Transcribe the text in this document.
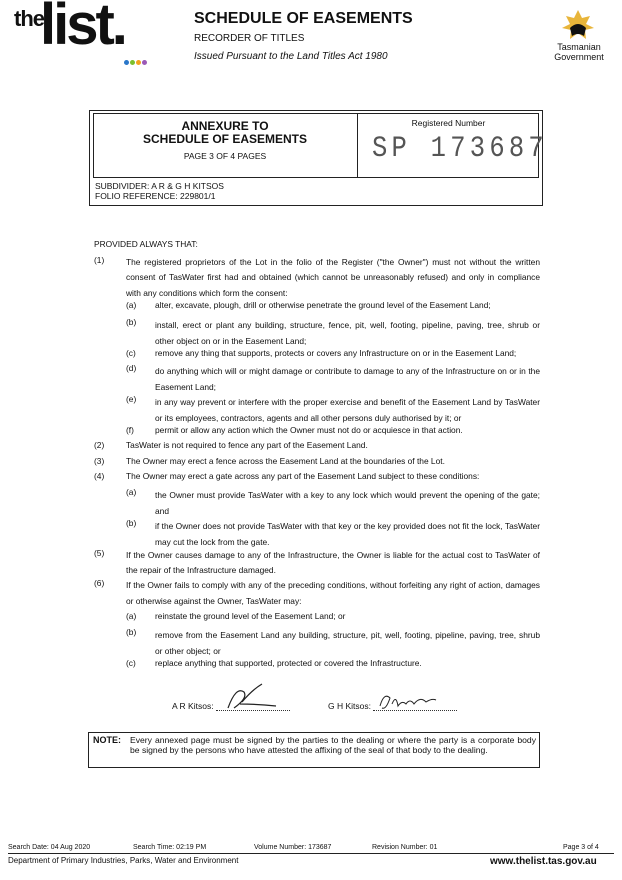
the
list.	SCHEDULE OF EASEMENTS
RECORDER OF TITLES
Issued Pursuant to the Land Titles Act 1980
Tasmanian
Government
ANNEXURE TO
SCHEDULE OF EASEMENTS
PAGE 3 OF 4 PAGES
Registered Number
SP 173687
SUBDIVIDER: A R & G H KITSOS
FOLIO REFERENCE: 229801/1
PROVIDED ALWAYS THAT:
(1)	The registered proprietors of the Lot in the folio of the Register ("the Owner") must not without the written consent of TasWater first had and obtained (which cannot be unreasonably refused) and only in compliance with any conditions which form the consent:
(a) alter, excavate, plough, drill or otherwise penetrate the ground level of the Easement Land;
(b) install, erect or plant any building, structure, fence, pit, well, footing, pipeline, paving, tree, shrub or other object on or in the Easement Land;
(c) remove any thing that supports, protects or covers any Infrastructure on or in the Easement Land;
(d) do anything which will or might damage or contribute to damage to any of the Infrastructure on or in the Easement Land;
(e) in any way prevent or interfere with the proper exercise and benefit of the Easement Land by TasWater or its employees, contractors, agents and all other persons duly authorised by it; or
(f)	permit or allow any action which the Owner must not do or acquiesce in that action.
(2)	TasWater is not required to fence any part of the Easement Land.
(3)	The Owner may erect a fence across the Easement Land at the boundaries of the Lot.
(4)	The Owner may erect a gate across any part of the Easement Land subject to these conditions:
(a) the Owner must provide TasWater with a key to any lock which would prevent the opening of the gate; and
(b) if the Owner does not provide TasWater with that key or the key provided does not fit the lock, TasWater may cut the lock from the gate.
(5)	If the Owner causes damage to any of the Infrastructure, the Owner is liable for the actual cost to TasWater of the repair of the Infrastructure damaged.
(6)	If the Owner fails to comply with any of the preceding conditions, without forfeiting any right of action, damages or otherwise against the Owner, TasWater may:
(a) reinstate the ground level of the Easement Land; or
(b) remove from the Easement Land any building, structure, pit, well, footing, pipeline, paving, tree, shrub or other object; or
(c) replace anything that supported, protected or covered the Infrastructure.
A R Kitsos:	G H Kitsos:
NOTE: Every annexed page must be signed by the parties to the dealing or where the party is a corporate body be signed by the persons who have attested the affixing of the seal of that body to the dealing.
Search Date: 04 Aug 2020	Search Time: 02:19 PM	Volume Number: 173687	Revision Number: 01	Page 3 of 4
Department of Primary Industries, Parks, Water and Environment	www.thelist.tas.gov.au
